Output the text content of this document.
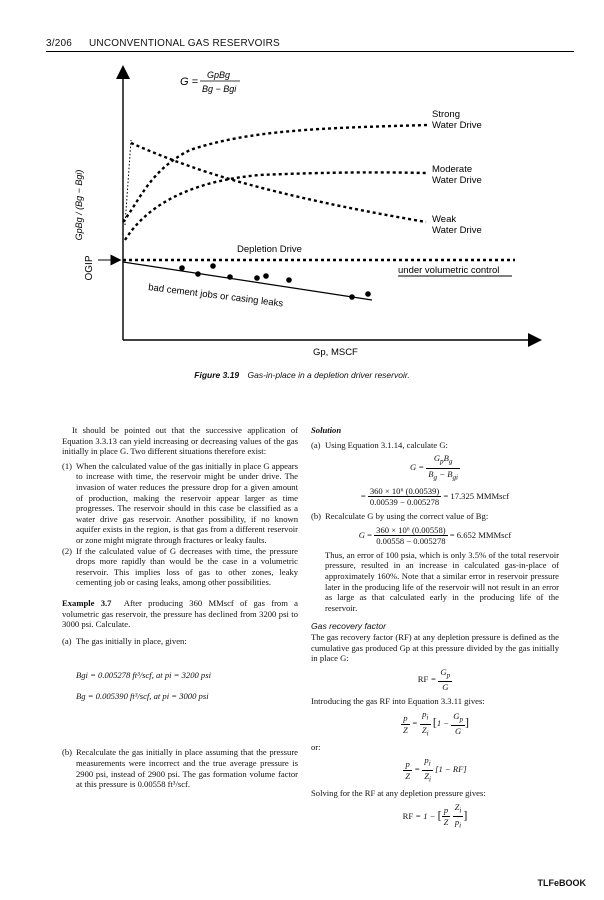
3/206 UNCONVENTIONAL GAS RESERVOIRS
G =
GpBg
Bg − Bgi
GpBg / (Bg − Bgi)
OGIP
Strong Water Drive
Moderate Water Drive
Weak Water Drive
Depletion Drive
under volumetric control
bad cement jobs or casing leaks
Gp, MSCF
Figure 3.19 Gas-in-place in a depletion driver reservoir.

It should be pointed out that the successive application of Equation 3.3.13 can yield increasing or decreasing values of the gas initially in place G. Two different situations therefore exist:

(1) When the calculated value of the gas initially in place G appears to increase with time, the reservoir might be under drive. The invasion of water reduces the pressure drop for a given amount of production, making the reservoir appear larger as time progresses. The reservoir should in this case be classified as a water drive gas reservoir. Another possibility, if no known aquifer exists in the region, is that gas from a different reservoir or zone might migrate through fractures or leaky faults.
(2) If the calculated value of G decreases with time, the pressure drops more rapidly than would be the case in a volumetric reservoir. This implies loss of gas to other zones, leaky cementing job or casing leaks, among other possibilities.

Example 3.7 After producing 360 MMscf of gas from a volumetric gas reservoir, the pressure has declined from 3200 psi to 3000 psi. Calculate.

(a) The gas initially in place, given:

Bgi = 0.005278 ft³/scf, at pi = 3200 psi

Bg = 0.005390 ft³/scf, at pi = 3000 psi

(b) Recalculate the gas initially in place assuming that the pressure measurements were incorrect and the true average pressure is 2900 psi, instead of 2900 psi. The gas formation volume factor at this pressure is 0.00558 ft³/scf.

Solution

(a) Using Equation 3.1.14, calculate G:
$G = \frac{G_pB_g}{B_g - B_{gi}}$
= $\frac{\text{360 × 10⁶ (0.00539)}}{0.00539 - 0.005278} = 17.325$ MMMscf
(b) Recalculate G by using the correct value of Bg:
$G = \frac{\text{360 × 10⁶ (0.00558)}}{0.00558 - 0.005278} = 6.652$ MMMscf

Thus, an error of 100 psia, which is only 3.5% of the total reservoir pressure, resulted in an increase in calculated gas-in-place of approximately 160%. Note that a similar error in reservoir pressure later in the producing life of the reservoir will not result in an error as large as that calculated early in the producing life of the reservoir.

Gas recovery factor

The gas recovery factor (RF) at any depletion pressure is defined as the cumulative gas produced Gp at this pressure divided by the gas initially in place G:

RF = $\frac{G_p}{G}$

Introducing the gas RF into Equation 3.3.11 gives:

$\frac{p}{Z} = \frac{p_i}{Z_i} [1 - \frac{G_p}{G}$ ]

or:

$\frac{p}{Z} = \frac{p_i}{Z_i} [1 - RF]$

Solving for the RF at any depletion pressure gives:

RF = 1 − [ $\frac{p}{Z}$
$\frac{Z_i}{p_i}$ ]
TLFeBOOK
